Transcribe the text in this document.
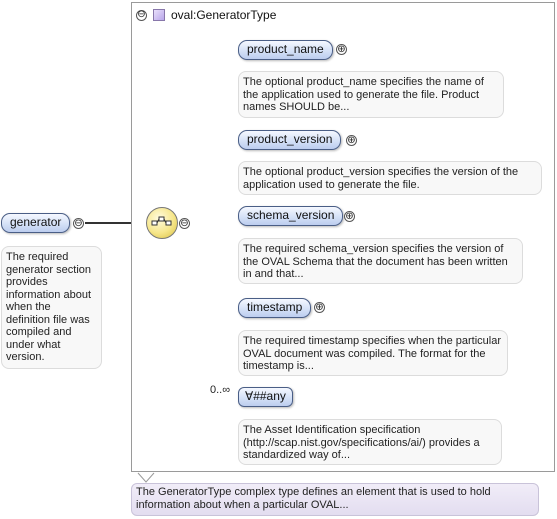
⊖ oval:GeneratorType
generator	⊖
The required generator section provides information about when the definition file was compiled and under what version.
⊖
product_name	⊕
The optional product_name specifies the name of the application used to generate the file. Product names SHOULD be...
product_version	⊕
The optional product_version specifies the version of the application used to generate the file.
schema_version	⊕
The required schema_version specifies the version of the OVAL Schema that the document has been written in and that...
timestamp	⊕
The required timestamp specifies when the particular OVAL document was compiled. The format for the timestamp is...
0..∞	∀##any
The Asset Identification specification (http://scap.nist.gov/specifications/ai/) provides a standardized way of...
The GeneratorType complex type defines an element that is used to hold information about when a particular OVAL...
